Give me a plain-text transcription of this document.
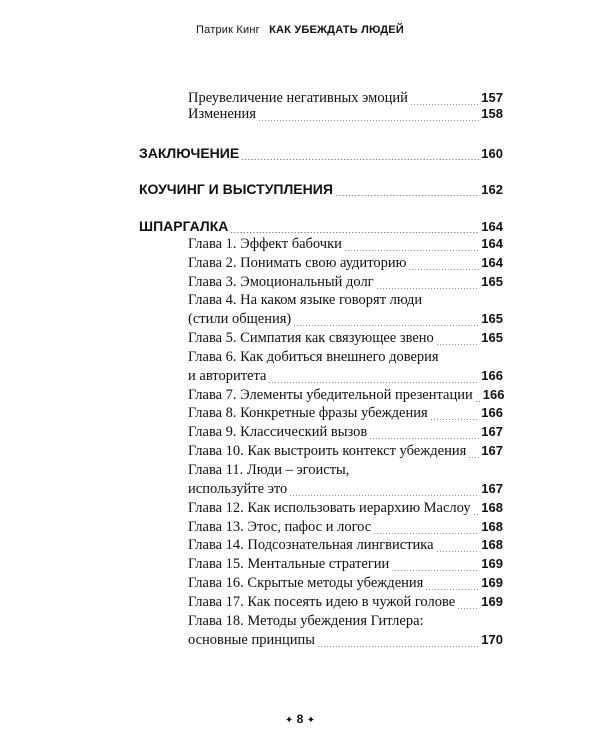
Патрик Кинг КАК УБЕЖДАТЬ ЛЮДЕЙ
Преувеличение негативных эмоций	157
Изменения	158
ЗАКЛЮЧЕНИЕ	160
КОУЧИНГ И ВЫСТУПЛЕНИЯ	162
ШПАРГАЛКА	164
Глава 1. Эффект бабочки	164
Глава 2. Понимать свою аудиторию	164
Глава 3. Эмоциональный долг	165
Глава 4. На каком языке говорят люди
(стили общения)	165
Глава 5. Симпатия как связующее звено	165
Глава 6. Как добиться внешнего доверия
и авторитета	166
Глава 7. Элементы убедительной презентации 166
Глава 8. Конкретные фразы убеждения	166
Глава 9. Классический вызов	167
Глава 10. Как выстроить контекст убеждения 167
Глава 11. Люди – эгоисты,
используйте это	167
Глава 12. Как использовать иерархию Маслоу 168
Глава 13. Этос, пафос и логос	168
Глава 14. Подсознательная лингвистика	168
Глава 15. Ментальные стратегии	169
Глава 16. Скрытые методы убеждения	169
Глава 17. Как посеять идею в чужой голове 169
Глава 18. Методы убеждения Гитлера:
основные принципы	170
✦ 8 ✦
